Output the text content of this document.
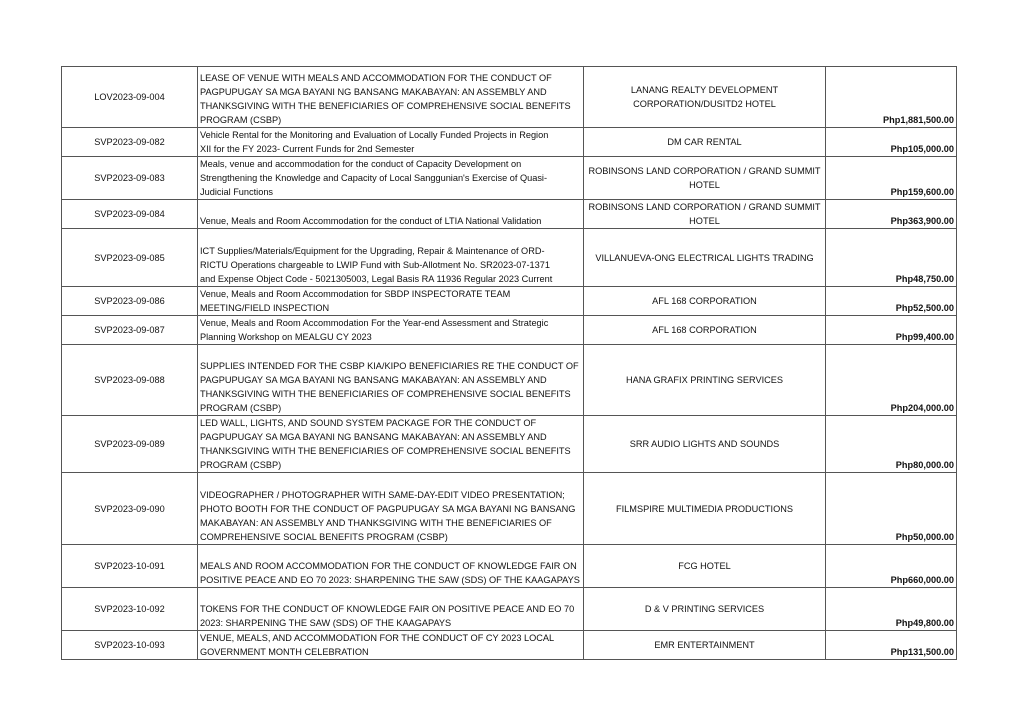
LOV2023-09-004	LEASE OF VENUE WITH MEALS AND ACCOMMODATION FOR THE CONDUCT OF
PAGPUPUGAY SA MGA BAYANI NG BANSANG MAKABAYAN: AN ASSEMBLY AND
THANKSGIVING WITH THE BENEFICIARIES OF COMPREHENSIVE SOCIAL BENEFITS
PROGRAM (CSBP)	LANANG REALTY DEVELOPMENT CORPORATION/DUSITD2 HOTEL	Php1,881,500.00
SVP2023-09-082	Vehicle Rental for the Monitoring and Evaluation of Locally Funded Projects in Region
XII for the FY 2023- Current Funds for 2nd Semester	DM CAR RENTAL	Php105,000.00
SVP2023-09-083	Meals, venue and accommodation for the conduct of Capacity Development on
Strengthening the Knowledge and Capacity of Local Sanggunian's Exercise of Quasi-
Judicial Functions	ROBINSONS LAND CORPORATION / GRAND SUMMIT HOTEL	Php159,600.00
SVP2023-09-084	Venue, Meals and Room Accommodation for the conduct of LTIA National Validation	ROBINSONS LAND CORPORATION / GRAND SUMMIT HOTEL	Php363,900.00
SVP2023-09-085	ICT Supplies/Materials/Equipment for the Upgrading, Repair & Maintenance of ORD-
RICTU Operations chargeable to LWIP Fund with Sub-Allotment No. SR2023-07-1371
and Expense Object Code - 5021305003, Legal Basis RA 11936 Regular 2023 Current	VILLANUEVA-ONG ELECTRICAL LIGHTS TRADING	Php48,750.00
SVP2023-09-086	Venue, Meals and Room Accommodation for SBDP INSPECTORATE TEAM
MEETING/FIELD INSPECTION	AFL 168 CORPORATION	Php52,500.00
SVP2023-09-087	Venue, Meals and Room Accommodation For the Year-end Assessment and Strategic
Planning Workshop on MEALGU CY 2023	AFL 168 CORPORATION	Php99,400.00
SVP2023-09-088	SUPPLIES INTENDED FOR THE CSBP KIA/KIPO BENEFICIARIES RE THE CONDUCT OF
PAGPUPUGAY SA MGA BAYANI NG BANSANG MAKABAYAN: AN ASSEMBLY AND
THANKSGIVING WITH THE BENEFICIARIES OF COMPREHENSIVE SOCIAL BENEFITS
PROGRAM (CSBP)	HANA GRAFIX PRINTING SERVICES	Php204,000.00
SVP2023-09-089	LED WALL, LIGHTS, AND SOUND SYSTEM PACKAGE FOR THE CONDUCT OF
PAGPUPUGAY SA MGA BAYANI NG BANSANG MAKABAYAN: AN ASSEMBLY AND
THANKSGIVING WITH THE BENEFICIARIES OF COMPREHENSIVE SOCIAL BENEFITS
PROGRAM (CSBP)	SRR AUDIO LIGHTS AND SOUNDS	Php80,000.00
SVP2023-09-090	VIDEOGRAPHER / PHOTOGRAPHER WITH SAME-DAY-EDIT VIDEO PRESENTATION;
PHOTO BOOTH FOR THE CONDUCT OF PAGPUPUGAY SA MGA BAYANI NG BANSANG
MAKABAYAN: AN ASSEMBLY AND THANKSGIVING WITH THE BENEFICIARIES OF
COMPREHENSIVE SOCIAL BENEFITS PROGRAM (CSBP)	FILMSPIRE MULTIMEDIA PRODUCTIONS	Php50,000.00
SVP2023-10-091	MEALS AND ROOM ACCOMMODATION FOR THE CONDUCT OF KNOWLEDGE FAIR ON
POSITIVE PEACE AND EO 70 2023: SHARPENING THE SAW (SDS) OF THE KAAGAPAYS	FCG HOTEL	Php660,000.00
SVP2023-10-092	TOKENS FOR THE CONDUCT OF KNOWLEDGE FAIR ON POSITIVE PEACE AND EO 70
2023: SHARPENING THE SAW (SDS) OF THE KAAGAPAYS	D & V PRINTING SERVICES	Php49,800.00
SVP2023-10-093	VENUE, MEALS, AND ACCOMMODATION FOR THE CONDUCT OF CY 2023 LOCAL
GOVERNMENT MONTH CELEBRATION	EMR ENTERTAINMENT	Php131,500.00
